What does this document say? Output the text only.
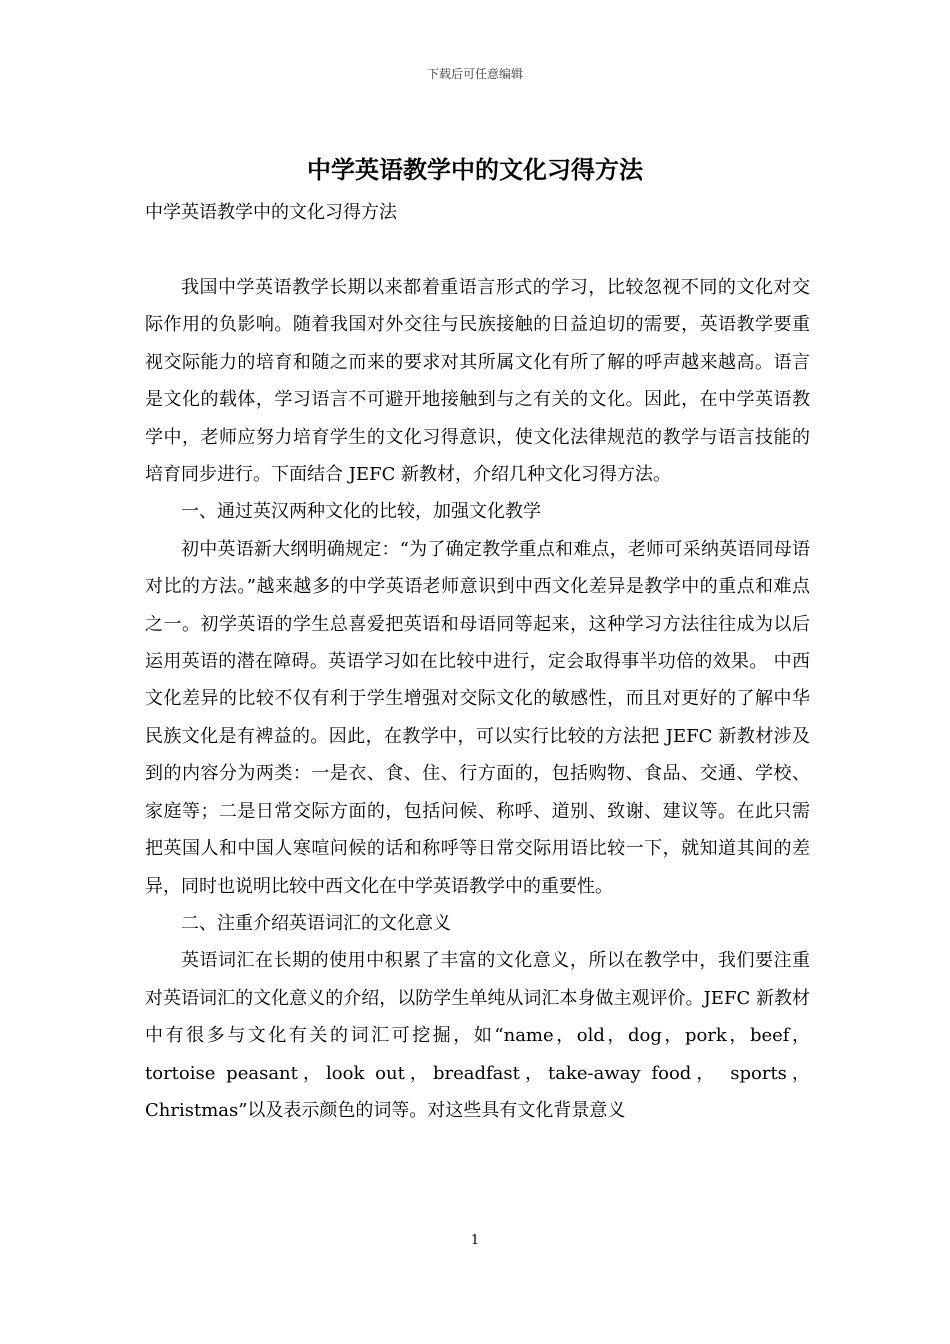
下载后可任意编辑
中学英语教学中的文化习得方法
中学英语教学中的文化习得方法

我国中学英语教学长期以来都着重语言形式的学习，比较忽视不同的文化对交际作用的负影响。随着我国对外交往与民族接触的日益迫切的需要，英语教学要重视交际能力的培育和随之而来的要求对其所属文化有所了解的呼声越来越高。语言是文化的载体，学习语言不可避开地接触到与之有关的文化。因此，在中学英语教学中，老师应努力培育学生的文化习得意识，使文化法律规范的教学与语言技能的培育同步进行。下面结合 JEFC 新教材，介绍几种文化习得方法。

一、通过英汉两种文化的比较，加强文化教学

初中英语新大纲明确规定：“为了确定教学重点和难点，老师可采纳英语同母语对比的方法。”越来越多的中学英语老师意识到中西文化差异是教学中的重点和难点之一。初学英语的学生总喜爱把英语和母语同等起来，这种学习方法往往成为以后运用英语的潜在障碍。英语学习如在比较中进行，定会取得事半功倍的效果。 中西文化差异的比较不仅有利于学生增强对交际文化的敏感性，而且对更好的了解中华民族文化是有裨益的。因此，在教学中，可以实行比较的方法把 JEFC 新教材涉及到的内容分为两类：一是衣、食、住、行方面的，包括购物、食品、交通、学校、家庭等；二是日常交际方面的，包括问候、称呼、道别、致谢、建议等。在此只需把英国人和中国人寒喧问候的话和称呼等日常交际用语比较一下，就知道其间的差异，同时也说明比较中西文化在中学英语教学中的重要性。

二、注重介绍英语词汇的文化意义

英语词汇在长期的使用中积累了丰富的文化意义，所以在教学中，我们要注重对英语词汇的文化意义的介绍，以防学生单纯从词汇本身做主观评价。JEFC 新教材中有很多与文化有关的词汇可挖掘，如“name，old，dog，pork，beef，tortoise peasant，look out，breadfast，take-away food， sports，Christmas”以及表示颜色的词等。对这些具有文化背景意义

1
